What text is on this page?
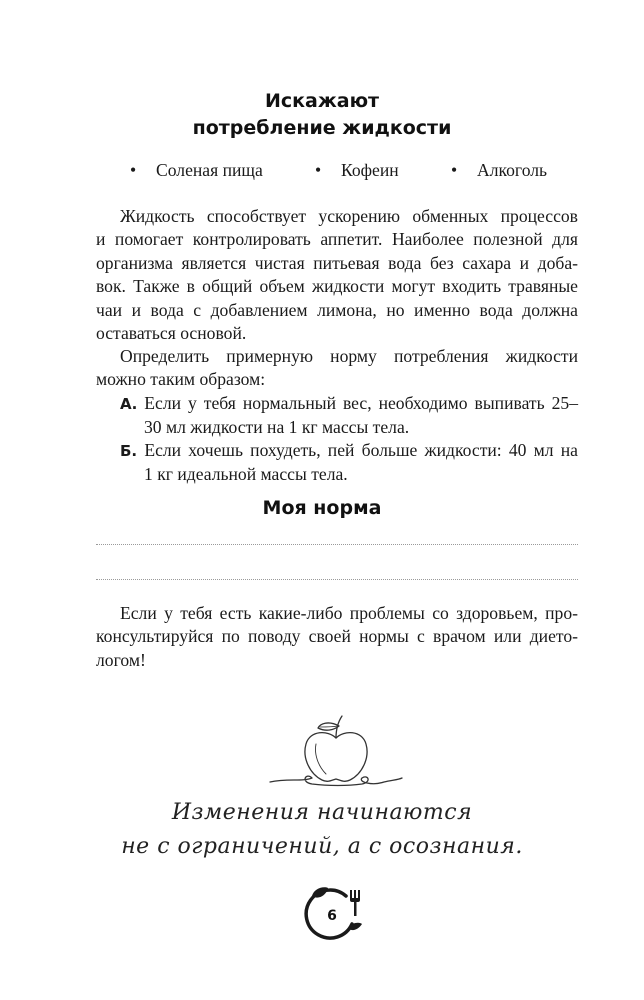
Искажают
потребление жидкости
• Соленая пища	• Кофеин	• Алкоголь
Жидкость способствует ускорению обменных процессов
и помогает контролировать аппетит. Наиболее полезной для
организма является чистая питьевая вода без сахара и доба-
вок. Также в общий объем жидкости могут входить травяные
чаи и вода с добавлением лимона, но именно вода должна
оставаться основой.
Определить примерную норму потребления жидкости
можно таким образом:
А. Если у тебя нормальный вес, необходимо выпивать 25–
30 мл жидкости на 1 кг массы тела.
Б. Если хочешь похудеть, пей больше жидкости: 40 мл на
1 кг идеальной массы тела.
Моя норма
Если у тебя есть какие-либо проблемы со здоровьем, про-
консультируйся по поводу своей нормы с врачом или дието-
логом!
Изменения начинаются
не с ограничений, а с осознания.
6
